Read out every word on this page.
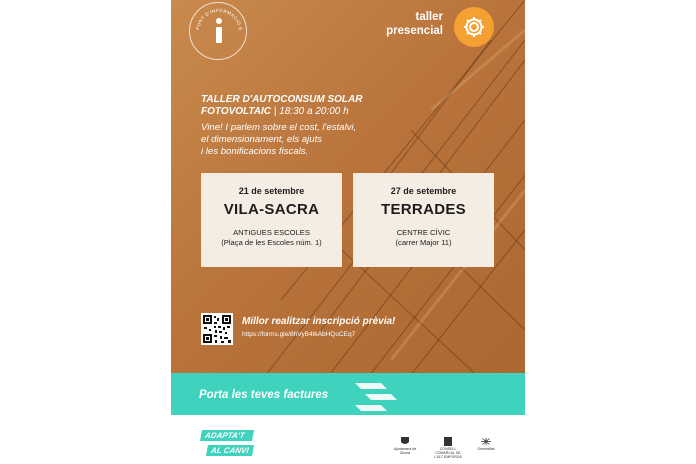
PUNT D'INFORMACIÓ E
taller
presencial
TALLER D'AUTOCONSUM SOLAR
FOTOVOLTAIC | 18:30 a 20:00 h
Vine! I parlem sobre el cost, l'estalvi,
el dimensionament, els ajuts
i les bonificacions fiscals.
21 de setembre
VILA-SACRA
ANTIGUES ESCOLES
(Plaça de les Escoles núm. 1)
27 de setembre
TERRADES
CENTRE CÍVIC
(carrer Major 11)
Millor realitzar inscripció prèvia!
https://forms.gle/8hVyB4tkAbHQoCEq7
Porta les teves factures
ADAPTA'T
AL CANVI	Ajuntament de Girona
CONSELL COMARCAL DE L'ALT EMPORDÀ
Generalitat
